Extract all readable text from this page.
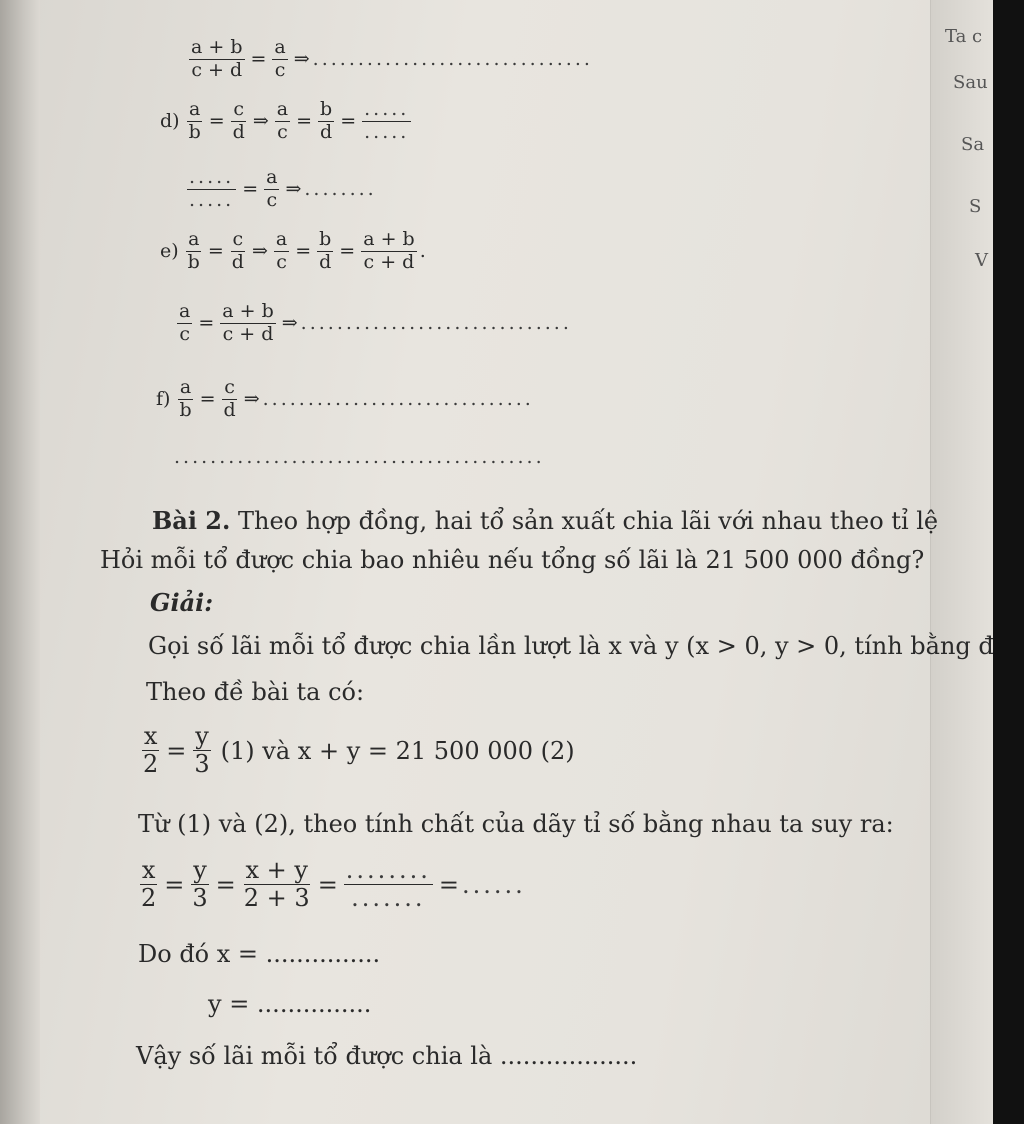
Ta c
Sau
Sa
S
V
$\frac{a + b}{c + d} = \frac{a}{c}$ ⇒ ...............................
$d) \frac{a}{b} = \frac{c}{d}$ ⇒ $\frac{a}{c} = \frac{b}{d} = \frac{.....}{.....}$
$\frac{.....}{.....} = \frac{a}{c}$ ⇒ ........
$e) \frac{a}{b} = \frac{c}{d}$ ⇒ $\frac{a}{c} = \frac{b}{d} = \frac{a + b}{c + d}$ .
$\frac{a}{c} = \frac{a + b}{c + d}$ ⇒ ..............................
$f) \frac{a}{b} = \frac{c}{d}$ ⇒ ..............................
.........................................
Bài 2. Theo hợp đồng, hai tổ sản xuất chia lãi với nhau theo tỉ lệ
Hỏi mỗi tổ được chia bao nhiêu nếu tổng số lãi là 21 500 000 đồng?
Giải:
Gọi số lãi mỗi tổ được chia lần lượt là x và y (x > 0, y > 0, tính bằng đ
Theo đề bài ta có:
$\frac{x}{2} = \frac{y}{3} (1)$ và x + y = 21 500 000 (2)
Từ (1) và (2), theo tính chất của dãy tỉ số bằng nhau ta suy ra:
$\frac{x}{2} = \frac{y}{3} = \frac{x + y}{2 + 3} = \frac{........}{.......}$ = ......
Do đó x = ...............
y = ...............
Vậy số lãi mỗi tổ được chia là ..................
